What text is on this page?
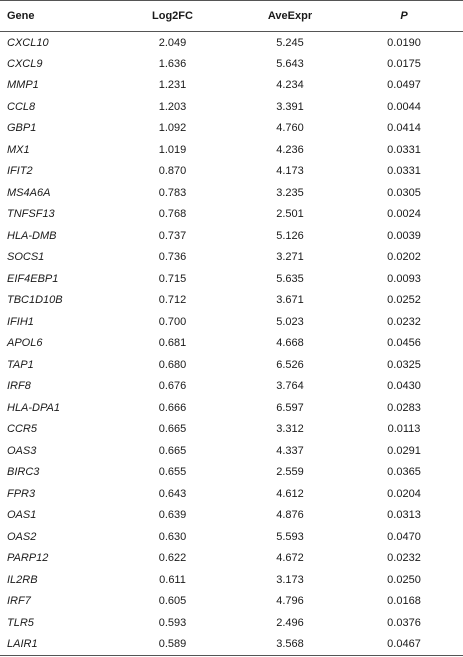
Gene	Log2FC	AveExpr	P
CXCL10	2.049	5.245	0.0190
CXCL9	1.636	5.643	0.0175
MMP1	1.231	4.234	0.0497
CCL8	1.203	3.391	0.0044
GBP1	1.092	4.760	0.0414
MX1	1.019	4.236	0.0331
IFIT2	0.870	4.173	0.0331
MS4A6A	0.783	3.235	0.0305
TNFSF13	0.768	2.501	0.0024
HLA-DMB	0.737	5.126	0.0039
SOCS1	0.736	3.271	0.0202
EIF4EBP1	0.715	5.635	0.0093
TBC1D10B	0.712	3.671	0.0252
IFIH1	0.700	5.023	0.0232
APOL6	0.681	4.668	0.0456
TAP1	0.680	6.526	0.0325
IRF8	0.676	3.764	0.0430
HLA-DPA1	0.666	6.597	0.0283
CCR5	0.665	3.312	0.0113
OAS3	0.665	4.337	0.0291
BIRC3	0.655	2.559	0.0365
FPR3	0.643	4.612	0.0204
OAS1	0.639	4.876	0.0313
OAS2	0.630	5.593	0.0470
PARP12	0.622	4.672	0.0232
IL2RB	0.611	3.173	0.0250
IRF7	0.605	4.796	0.0168
TLR5	0.593	2.496	0.0376
LAIR1	0.589	3.568	0.0467
